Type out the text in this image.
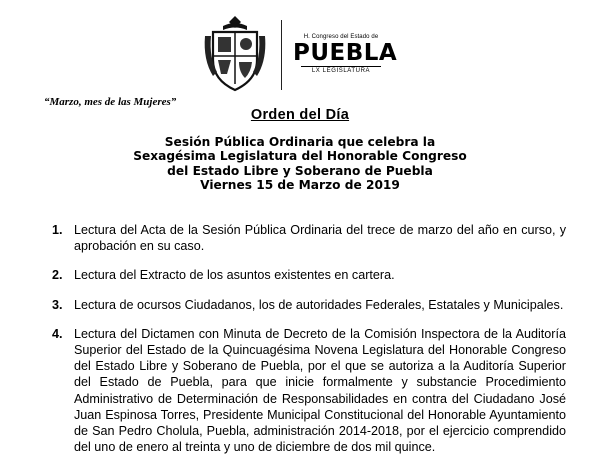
H. Congreso del Estado de
PUEBLA
LX LEGISLATURA
“Marzo, mes de las Mujeres”
Orden del Día
Sesión Pública Ordinaria que celebra la
Sexagésima Legislatura del Honorable Congreso
del Estado Libre y Soberano de Puebla
Viernes 15 de Marzo de 2019
1. Lectura del Acta de la Sesión Pública Ordinaria del trece de marzo del año en curso, y aprobación en su caso.
2. Lectura del Extracto de los asuntos existentes en cartera.
3. Lectura de ocursos Ciudadanos, los de autoridades Federales, Estatales y Municipales.
4. Lectura del Dictamen con Minuta de Decreto de la Comisión Inspectora de la Auditoría Superior del Estado de la Quincuagésima Novena Legislatura del Honorable Congreso del Estado Libre y Soberano de Puebla, por el que se autoriza a la Auditoría Superior del Estado de Puebla, para que inicie formalmente y substancie Procedimiento Administrativo de Determinación de Responsabilidades en contra del Ciudadano José Juan Espinosa Torres, Presidente Municipal Constitucional del Honorable Ayuntamiento de San Pedro Cholula, Puebla, administración 2014-2018, por el ejercicio comprendido del uno de enero al treinta y uno de diciembre de dos mil quince.
